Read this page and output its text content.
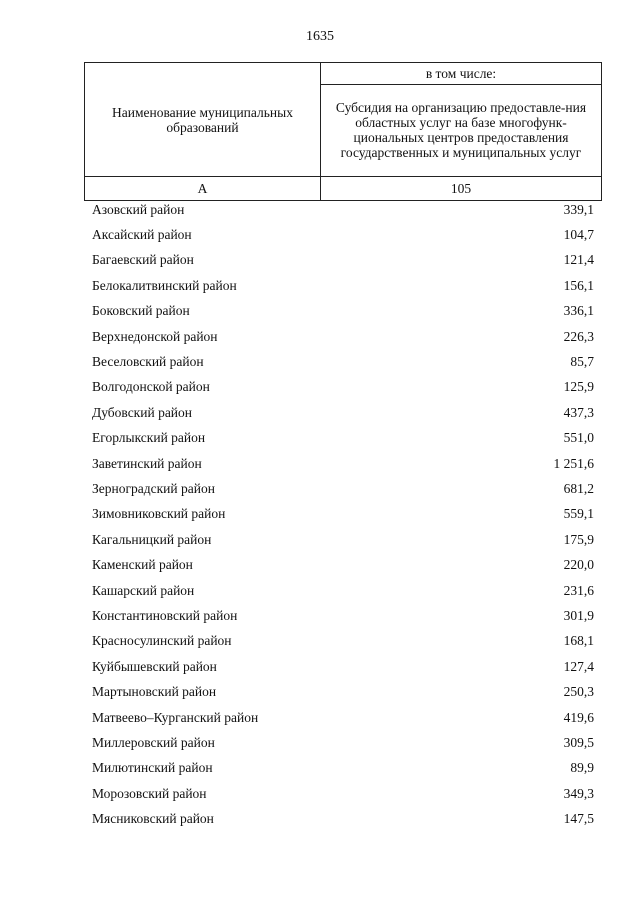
1635
Наименование муниципальных образований	в том числе:
	Субсидия на организацию предоставле-ния областных услуг на базе многофунк-циональных центров предоставления государственных и муниципальных услуг
А	105
Азовский район	339,1
Аксайский район	104,7
Багаевский район	121,4
Белокалитвинский район	156,1
Боковский район	336,1
Верхнедонской район	226,3
Веселовский район	85,7
Волгодонской район	125,9
Дубовский район	437,3
Егорлыкский район	551,0
Заветинский район	1 251,6
Зерноградский район	681,2
Зимовниковский район	559,1
Кагальницкий район	175,9
Каменский район	220,0
Кашарский район	231,6
Константиновский район	301,9
Красносулинский район	168,1
Куйбышевский район	127,4
Мартыновский район	250,3
Матвеево–Курганский район	419,6
Миллеровский район	309,5
Милютинский район	89,9
Морозовский район	349,3
Мясниковский район	147,5
